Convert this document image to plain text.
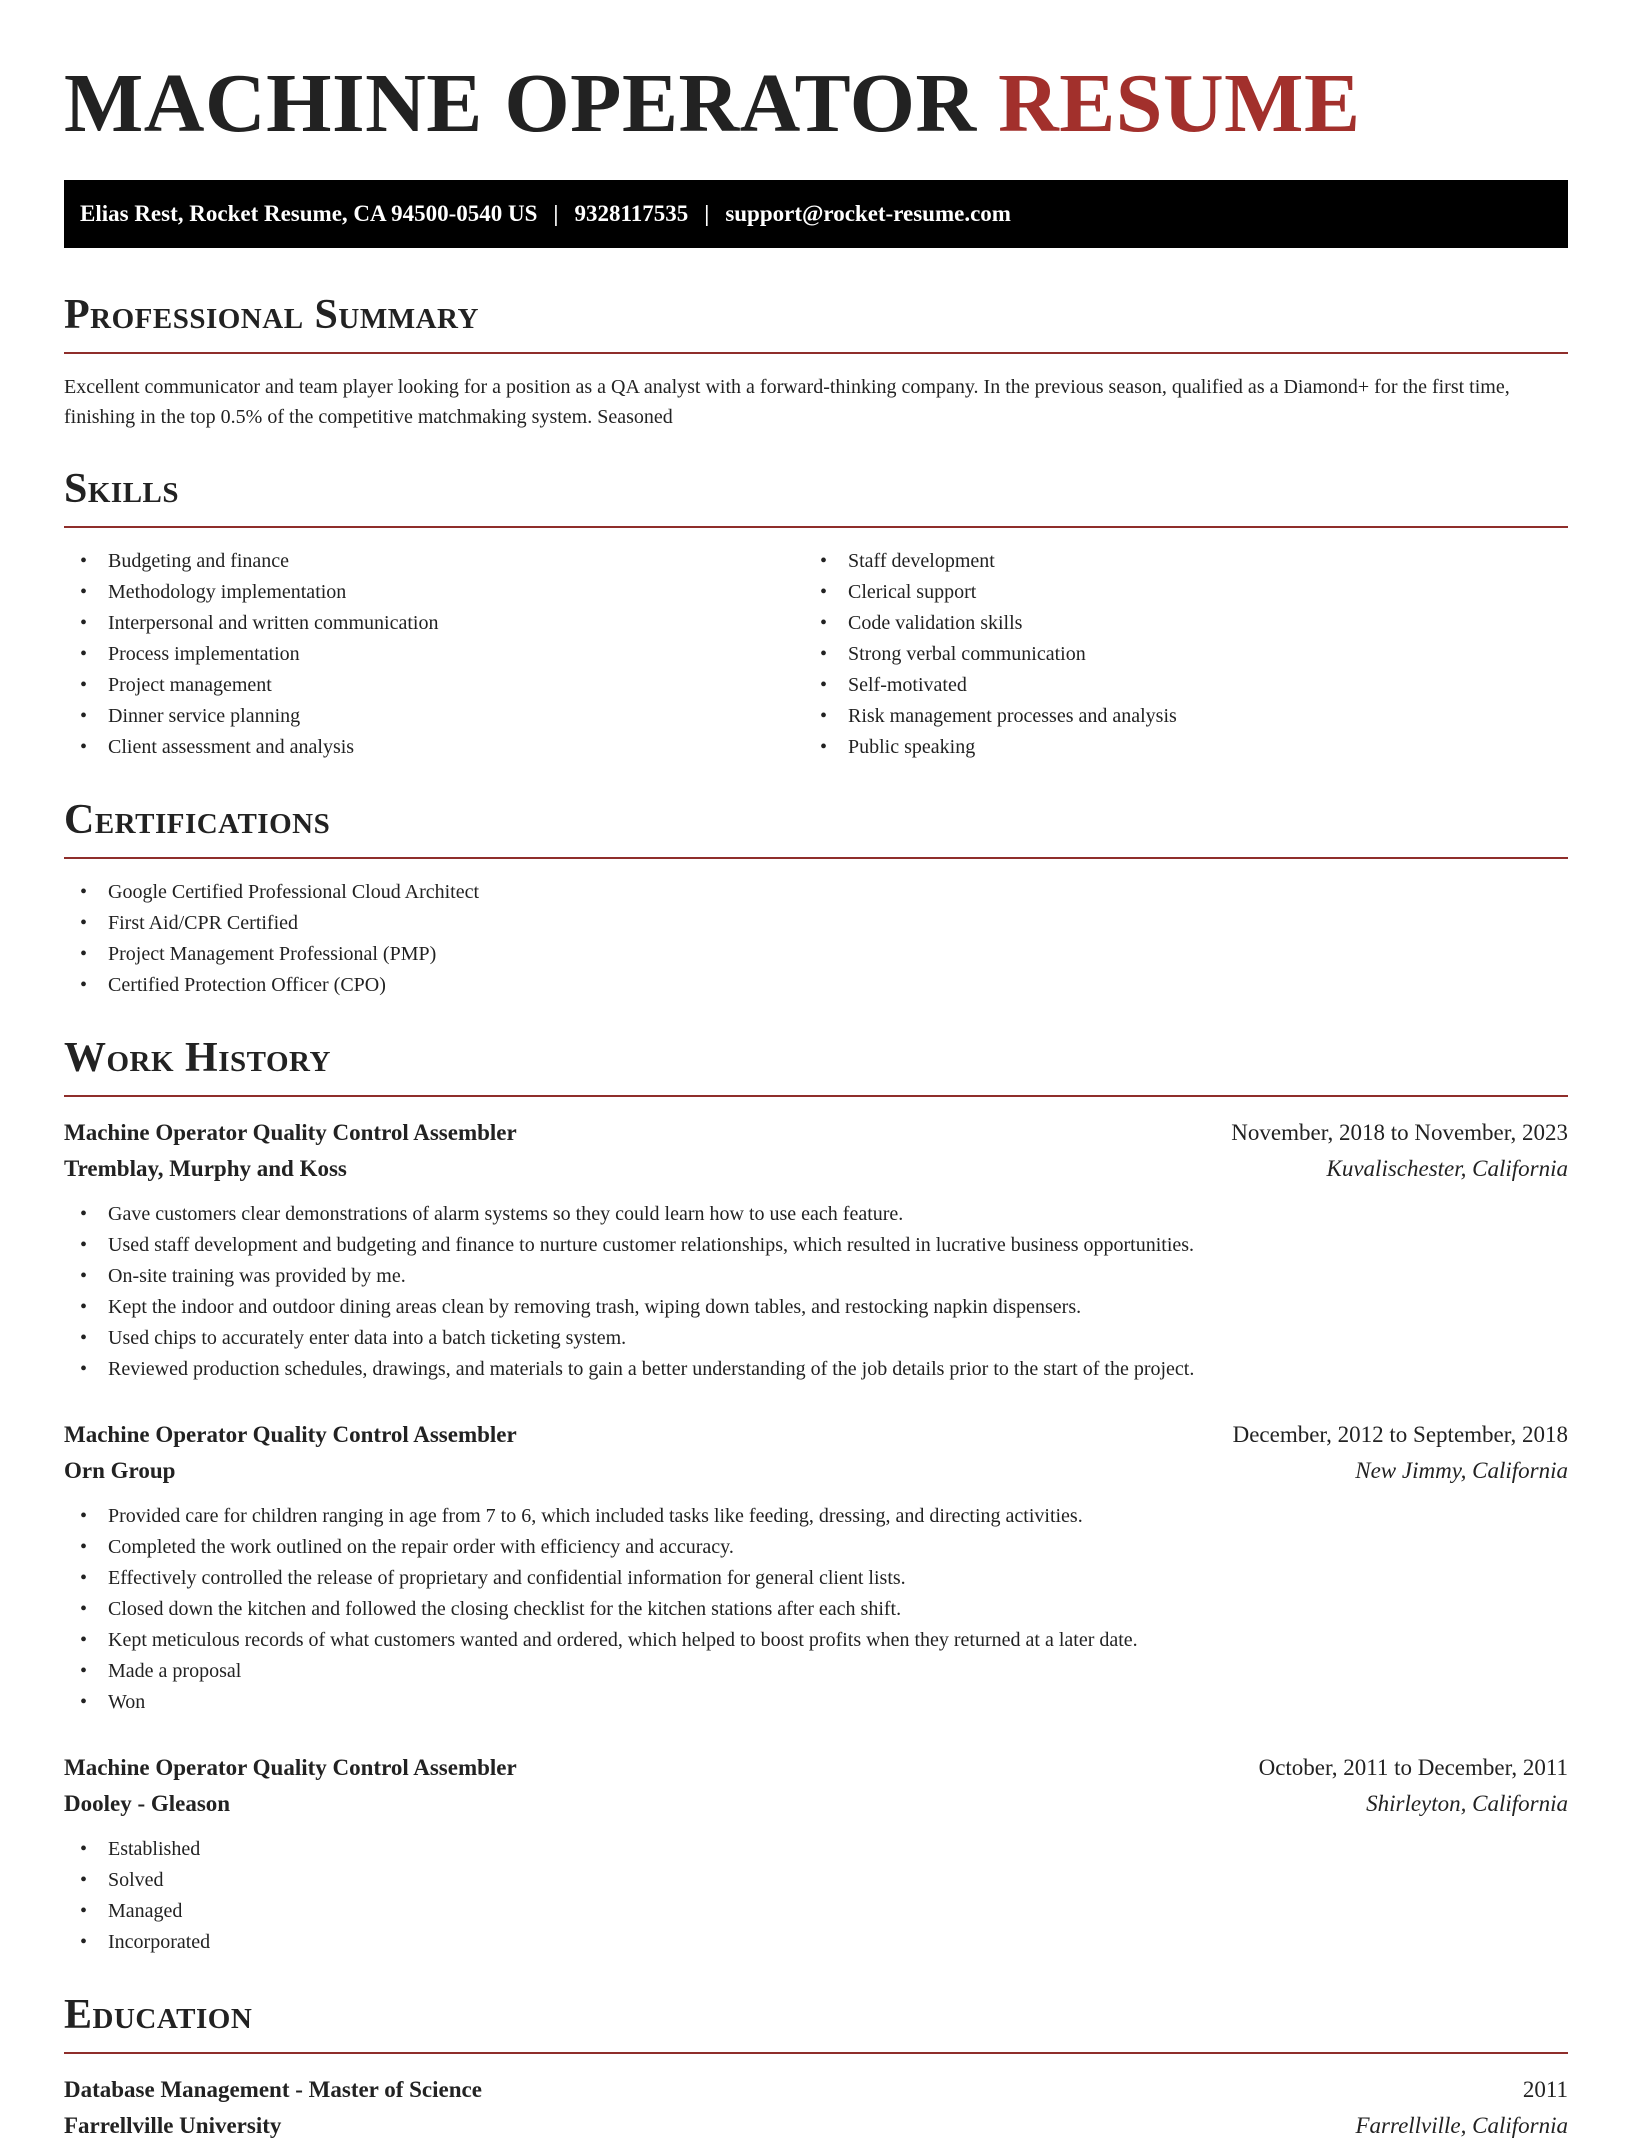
MACHINE OPERATOR RESUME
Elias Rest, Rocket Resume, CA 94500-0540 US | 9328117535 | support@rocket-resume.com
Professional Summary

Excellent communicator and team player looking for a position as a QA analyst with a forward-thinking company. In the previous season, qualified as a Diamond+ for the first time, finishing in the top 0.5% of the competitive matchmaking system. Seasoned

Skills
• Budgeting and finance
• Methodology implementation
• Interpersonal and written communication
• Process implementation
• Project management
• Dinner service planning
• Client assessment and analysis
• Staff development
• Clerical support
• Code validation skills
• Strong verbal communication
• Self-motivated
• Risk management processes and analysis
• Public speaking
Certifications
• Google Certified Professional Cloud Architect
• First Aid/CPR Certified
• Project Management Professional (PMP)
• Certified Protection Officer (CPO)
Work History
Machine Operator Quality Control Assembler	November, 2018 to November, 2023
Tremblay, Murphy and Koss	Kuvalischester, California
• Gave customers clear demonstrations of alarm systems so they could learn how to use each feature.
• Used staff development and budgeting and finance to nurture customer relationships, which resulted in lucrative business opportunities.
• On-site training was provided by me.
• Kept the indoor and outdoor dining areas clean by removing trash, wiping down tables, and restocking napkin dispensers.
• Used chips to accurately enter data into a batch ticketing system.
• Reviewed production schedules, drawings, and materials to gain a better understanding of the job details prior to the start of the project.
Machine Operator Quality Control Assembler	December, 2012 to September, 2018
Orn Group	New Jimmy, California
• Provided care for children ranging in age from 7 to 6, which included tasks like feeding, dressing, and directing activities.
• Completed the work outlined on the repair order with efficiency and accuracy.
• Effectively controlled the release of proprietary and confidential information for general client lists.
• Closed down the kitchen and followed the closing checklist for the kitchen stations after each shift.
• Kept meticulous records of what customers wanted and ordered, which helped to boost profits when they returned at a later date.
• Made a proposal
• Won
Machine Operator Quality Control Assembler	October, 2011 to December, 2011
Dooley - Gleason	Shirleyton, California
• Established
• Solved
• Managed
• Incorporated
Education
Database Management - Master of Science	2011
Farrellville University	Farrellville, California
